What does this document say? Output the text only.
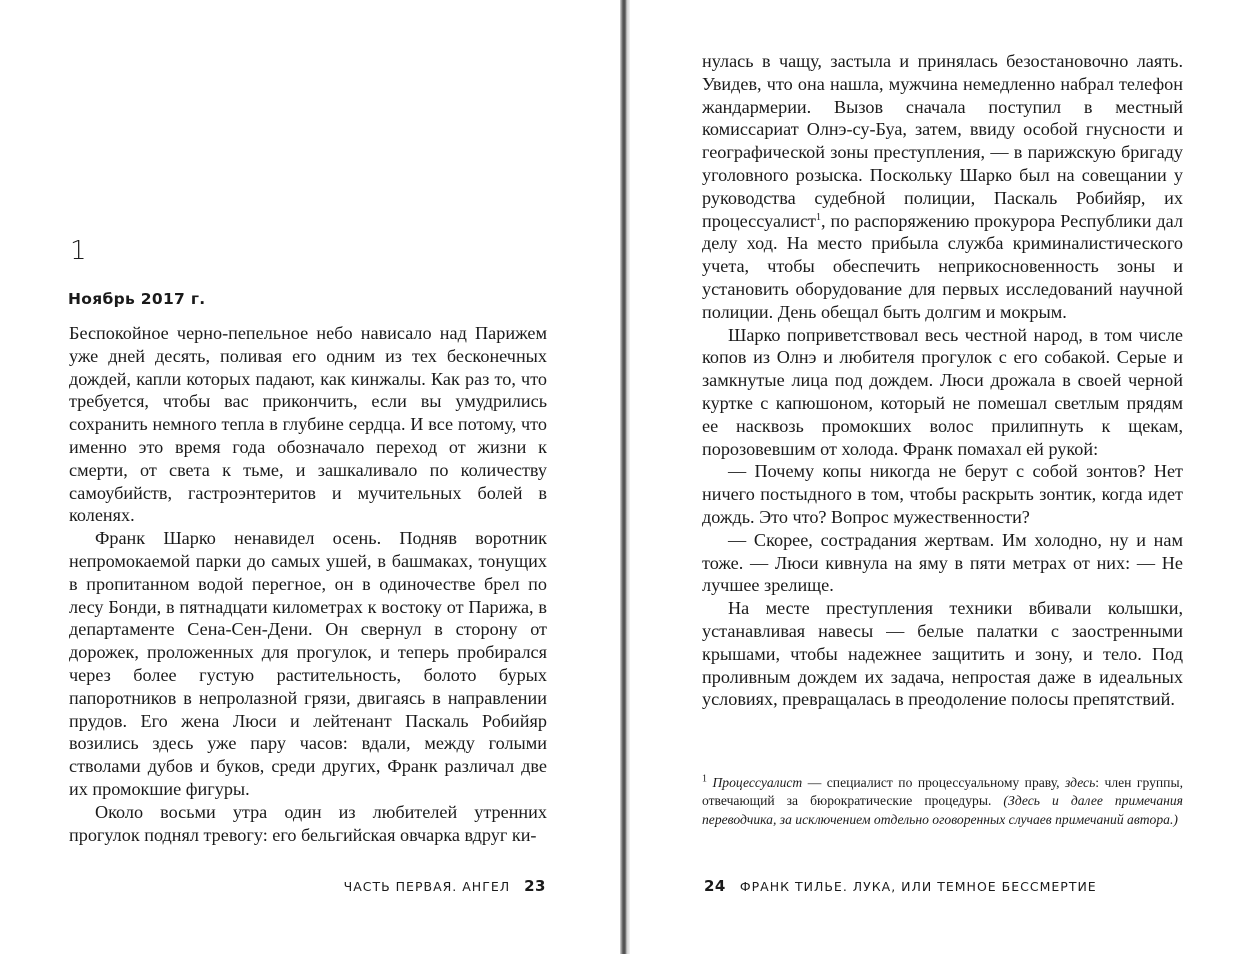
1
Ноябрь 2017 г.

Беспокойное черно-пепельное небо нависало над Парижем уже дней десять, поливая его одним из тех бесконечных дождей, капли которых падают, как кинжалы. Как раз то, что требуется, чтобы вас прикончить, если вы умудрились сохранить немного тепла в глубине сердца. И все потому, что именно это время года обозначало переход от жизни к смерти, от света к тьме, и зашкаливало по количеству самоубийств, гастроэнтеритов и мучительных болей в коленях.

Франк Шарко ненавидел осень. Подняв воротник непромокаемой парки до самых ушей, в башмаках, тонущих в пропитанном водой перегное, он в одиночестве брел по лесу Бонди, в пятнадцати километрах к востоку от Парижа, в департаменте Сена-Сен-Дени. Он свернул в сторону от дорожек, проложенных для прогулок, и теперь пробирался через более густую растительность, болото бурых папоротников в непролазной грязи, двигаясь в направлении прудов. Его жена Люси и лейтенант Паскаль Робийяр возились здесь уже пару часов: вдали, между голыми стволами дубов и буков, среди других, Франк различал две их промокшие фигуры.

Около восьми утра один из любителей утренних прогулок поднял тревогу: его бельгийская овчарка вдруг ки-

ЧАСТЬ ПЕРВАЯ. АНГЕЛ 23

нулась в чащу, застыла и принялась безостановочно лаять. Увидев, что она нашла, мужчина немедленно набрал телефон жандармерии. Вызов сначала поступил в местный комиссариат Олнэ-су-Буа, затем, ввиду особой гнусности и географической зоны преступления, — в парижскую бригаду уголовного розыска. Поскольку Шарко был на совещании у руководства судебной полиции, Паскаль Робийяр, их процессуалист$^1$, по распоряжению прокурора Республики дал делу ход. На место прибыла служба криминалистического учета, чтобы обеспечить неприкосновенность зоны и установить оборудование для первых исследований научной полиции. День обещал быть долгим и мокрым.

Шарко поприветствовал весь честной народ, в том числе копов из Олнэ и любителя прогулок с его собакой. Серые и замкнутые лица под дождем. Люси дрожала в своей черной куртке с капюшоном, который не помешал светлым прядям ее насквозь промокших волос прилипнуть к щекам, порозовевшим от холода. Франк помахал ей рукой:

— Почему копы никогда не берут с собой зонтов? Нет ничего постыдного в том, чтобы раскрыть зонтик, когда идет дождь. Это что? Вопрос мужественности?

— Скорее, сострадания жертвам. Им холодно, ну и нам тоже. — Люси кивнула на яму в пяти метрах от них: — Не лучшее зрелище.

На месте преступления техники вбивали колышки, устанавливая навесы — белые палатки с заостренными крышами, чтобы надежнее защитить и зону, и тело. Под проливным дождем их задача, непростая даже в идеальных условиях, превращалась в преодоление полосы препятствий.

$^1$ Процессуалист — специалист по процессуальному праву, здесь: член группы, отвечающий за бюрократические процедуры. (Здесь и далее примечания переводчика, за исключением отдельно оговоренных случаев примечаний автора.)
24 ФРАНК ТИЛЬЕ. ЛУКА, ИЛИ ТЕМНОЕ БЕССМЕРТИЕ
